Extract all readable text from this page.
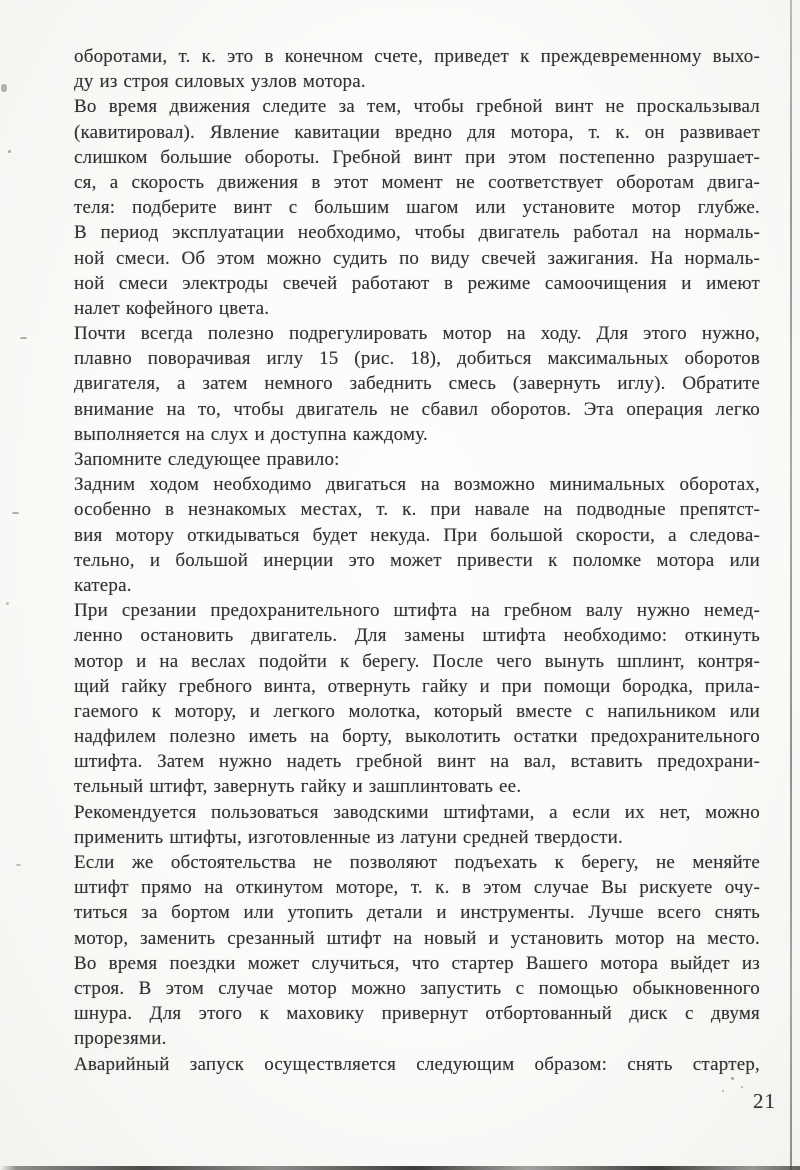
оборотами, т. к. это в конечном счете, приведет к преждевременному выхо-
ду из строя силовых узлов мотора.
Во время движения следите за тем, чтобы гребной винт не проскальзывал
(кавитировал). Явление кавитации вредно для мотора, т. к. он развивает
слишком большие обороты. Гребной винт при этом постепенно разрушает-
ся, а скорость движения в этот момент не соответствует оборотам двига-
теля: подберите винт с большим шагом или установите мотор глубже.
В период эксплуатации необходимо, чтобы двигатель работал на нормаль-
ной смеси. Об этом можно судить по виду свечей зажигания. На нормаль-
ной смеси электроды свечей работают в режиме самоочищения и имеют
налет кофейного цвета.
Почти всегда полезно подрегулировать мотор на ходу. Для этого нужно,
плавно поворачивая иглу 15 (рис. 18), добиться максимальных оборотов
двигателя, а затем немного забеднить смесь (завернуть иглу). Обратите
внимание на то, чтобы двигатель не сбавил оборотов. Эта операция легко
выполняется на слух и доступна каждому.
Запомните следующее правило:
Задним ходом необходимо двигаться на возможно минимальных оборотах,
особенно в незнакомых местах, т. к. при навале на подводные препятст-
вия мотору откидываться будет некуда. При большой скорости, а следова-
тельно, и большой инерции это может привести к поломке мотора или
катера.
При срезании предохранительного штифта на гребном валу нужно немед-
ленно остановить двигатель. Для замены штифта необходимо: откинуть
мотор и на веслах подойти к берегу. После чего вынуть шплинт, контря-
щий гайку гребного винта, отвернуть гайку и при помощи бородка, прила-
гаемого к мотору, и легкого молотка, который вместе с напильником или
надфилем полезно иметь на борту, выколотить остатки предохранительного
штифта. Затем нужно надеть гребной винт на вал, вставить предохрани-
тельный штифт, завернуть гайку и зашплинтовать ее.
Рекомендуется пользоваться заводскими штифтами, а если их нет, можно
применить штифты, изготовленные из латуни средней твердости.
Если же обстоятельства не позволяют подъехать к берегу, не меняйте
штифт прямо на откинутом моторе, т. к. в этом случае Вы рискуете очу-
титься за бортом или утопить детали и инструменты. Лучше всего снять
мотор, заменить срезанный штифт на новый и установить мотор на место.
Во время поездки может случиться, что стартер Вашего мотора выйдет из
строя. В этом случае мотор можно запустить с помощью обыкновенного
шнура. Для этого к маховику привернут отбортованный диск с двумя
прорезями.
Аварийный запуск осуществляется следующим образом: снять стартер,
21
